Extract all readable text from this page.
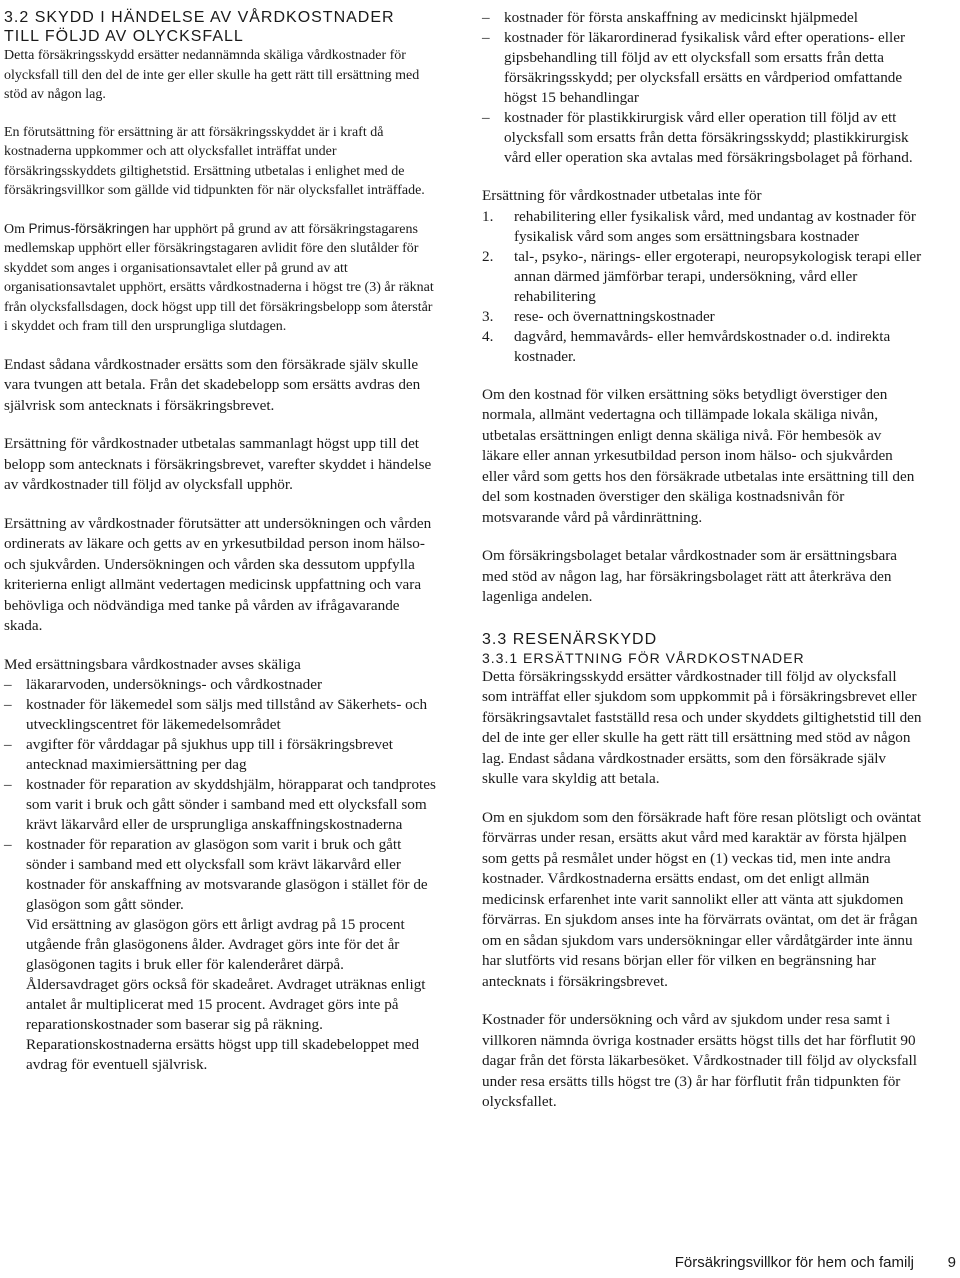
3.2 SKYDD I HÄNDELSE AV VÅRDKOSTNADER
TILL FÖLJD AV OLYCKSFALL

Detta försäkringsskydd ersätter nedannämnda skäliga vårdkostnader för olycksfall till den del de inte ger eller skulle ha gett rätt till ersättning med stöd av någon lag.

En förutsättning för ersättning är att försäkringsskyddet är i kraft då kostnaderna uppkommer och att olycksfallet inträffat under försäkringsskyddets giltighetstid. Ersättning utbetalas i enlighet med de försäkringsvillkor som gällde vid tidpunkten för när olycksfallet inträffade.

Om Primus-försäkringen har upphört på grund av att försäkringstagarens medlemskap upphört eller försäkringstagaren avlidit före den slutålder för skyddet som anges i organisationsavtalet eller på grund av att organisationsavtalet upphört, ersätts vårdkostnaderna i högst tre (3) år räknat från olycksfallsdagen, dock högst upp till det försäkringsbelopp som återstår i skyddet och fram till den ursprungliga slutdagen.

Endast sådana vårdkostnader ersätts som den försäkrade själv skulle vara tvungen att betala. Från det skadebelopp som ersätts avdras den självrisk som antecknats i försäkringsbrevet.

Ersättning för vårdkostnader utbetalas sammanlagt högst upp till det belopp som antecknats i försäkringsbrevet, varefter skyddet i händelse av vårdkostnader till följd av olycksfall upphör.

Ersättning av vårdkostnader förutsätter att undersökningen och vården ordinerats av läkare och getts av en yrkesutbildad person inom hälso- och sjukvården. Undersökningen och vården ska dessutom uppfylla kriterierna enligt allmänt vedertagen medicinsk uppfattning och vara behövliga och nödvändiga med tanke på vården av ifrågavarande skada.

Med ersättningsbara vårdkostnader avses skäliga

– läkararvoden, undersöknings- och vårdkostnader
– kostnader för läkemedel som säljs med tillstånd av Säkerhets- och utvecklingscentret för läkemedelsområdet
– avgifter för vårddagar på sjukhus upp till i försäkringsbrevet antecknad maximiersättning per dag
– kostnader för reparation av skyddshjälm, hörapparat och tandprotes som varit i bruk och gått sönder i samband med ett olycksfall som krävt läkarvård eller de ursprungliga anskaffningskostnaderna
– kostnader för reparation av glasögon som varit i bruk och gått sönder i samband med ett olycksfall som krävt läkarvård eller kostnader för anskaffning av motsvarande glasögon i stället för de glasögon som gått sönder.
Vid ersättning av glasögon görs ett årligt avdrag på 15 procent utgående från glasögonens ålder. Avdraget görs inte för det år glasögonen tagits i bruk eller för kalenderåret därpå. Åldersavdraget görs också för skadeåret. Avdraget uträknas enligt antalet år multiplicerat med 15 procent. Avdraget görs inte på reparationskostnader som baserar sig på räkning. Reparationskostnaderna ersätts högst upp till skadebeloppet med avdrag för eventuell självrisk.
– kostnader för första anskaffning av medicinskt hjälpmedel
– kostnader för läkarordinerad fysikalisk vård efter operations- eller gipsbehandling till följd av ett olycksfall som ersatts från detta försäkringsskydd; per olycksfall ersätts en vårdperiod omfattande högst 15 behandlingar
– kostnader för plastikkirurgisk vård eller operation till följd av ett olycksfall som ersatts från detta försäkringsskydd; plastikkirurgisk vård eller operation ska avtalas med försäkringsbolaget på förhand.

Ersättning för vårdkostnader utbetalas inte för

1. rehabilitering eller fysikalisk vård, med undantag av kostnader för fysikalisk vård som anges som ersättningsbara kostnader
2. tal-, psyko-, närings- eller ergoterapi, neuropsykologisk terapi eller annan därmed jämförbar terapi, undersökning, vård eller rehabilitering
3. rese- och övernattningskostnader
4. dagvård, hemmavårds- eller hemvårdskostnader o.d. indirekta kostnader.

Om den kostnad för vilken ersättning söks betydligt överstiger den normala, allmänt vedertagna och tillämpade lokala skäliga nivån, utbetalas ersättningen enligt denna skäliga nivå. För hembesök av läkare eller annan yrkesutbildad person inom hälso- och sjukvården eller vård som getts hos den försäkrade utbetalas inte ersättning till den del som kostnaden överstiger den skäliga kostnadsnivån för motsvarande vård på vårdinrättning.

Om försäkringsbolaget betalar vårdkostnader som är ersättningsbara med stöd av någon lag, har försäkringsbolaget rätt att återkräva den lagenliga andelen.

3.3 RESENÄRSKYDD
3.3.1 ERSÄTTNING FÖR VÅRDKOSTNADER

Detta försäkringsskydd ersätter vårdkostnader till följd av olycksfall som inträffat eller sjukdom som uppkommit på i försäkringsbrevet eller försäkringsavtalet fastställd resa och under skyddets giltighetstid till den del de inte ger eller skulle ha gett rätt till ersättning med stöd av någon lag. Endast sådana vårdkostnader ersätts, som den försäkrade själv skulle vara skyldig att betala.

Om en sjukdom som den försäkrade haft före resan plötsligt och oväntat förvärras under resan, ersätts akut vård med karaktär av första hjälpen som getts på resmålet under högst en (1) veckas tid, men inte andra kostnader. Vårdkostnaderna ersätts endast, om det enligt allmän medicinsk erfarenhet inte varit sannolikt eller att vänta att sjukdomen förvärras. En sjukdom anses inte ha förvärrats oväntat, om det är frågan om en sådan sjukdom vars undersökningar eller vårdåtgärder inte ännu har slutförts vid resans början eller för vilken en begränsning har antecknats i försäkringsbrevet.

Kostnader för undersökning och vård av sjukdom under resa samt i villkoren nämnda övriga kostnader ersätts högst tills det har förflutit 90 dagar från det första läkarbesöket. Vårdkostnader till följd av olycksfall under resa ersätts tills högst tre (3) år har förflutit från tidpunkten för olycksfallet.

Försäkringsvillkor för hem och familj 9
